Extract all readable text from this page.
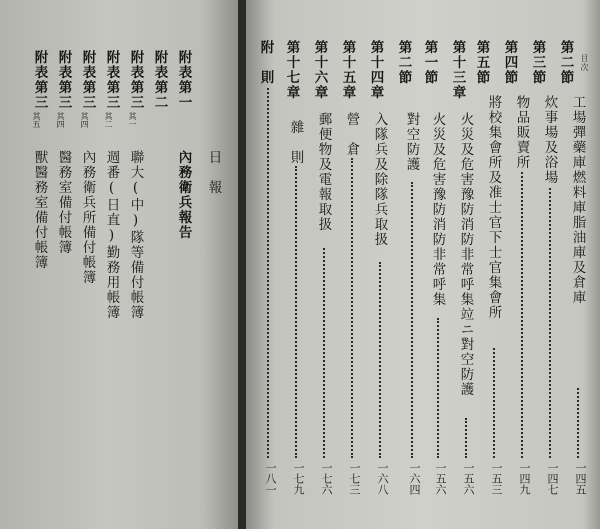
目次
日　報
附表第一
內務衛兵報告
附表第二
附表第三
其一
聯大(中)隊等備付帳簿
附表第三
其二
週番(日直)勤務用帳簿
附表第三
其四
內務衛兵所備付帳簿
附表第三
其四
醫務室備付帳簿
附表第三
其五
獸醫務室備付帳簿
第二節
工場彈藥庫燃料庫脂油庫及倉庫
一四五
第三節
炊事場及浴場
一四七
第四節
物品販賣所
一四九
第五節
將校集會所及准士官下士官集會所
一五三
第十三章
火災及危害豫防消防非常呼集竝ニ對空防護
一五六
第一節
火災及危害豫防消防非常呼集
一五六
第二節
對空防護
一六四
第十四章
入隊兵及除隊兵取扱
一六八
第十五章
營　倉
一七三
第十六章
郵便物及電報取扱
一七六
第十七章
雜　則
一七九
附　則
一八一
